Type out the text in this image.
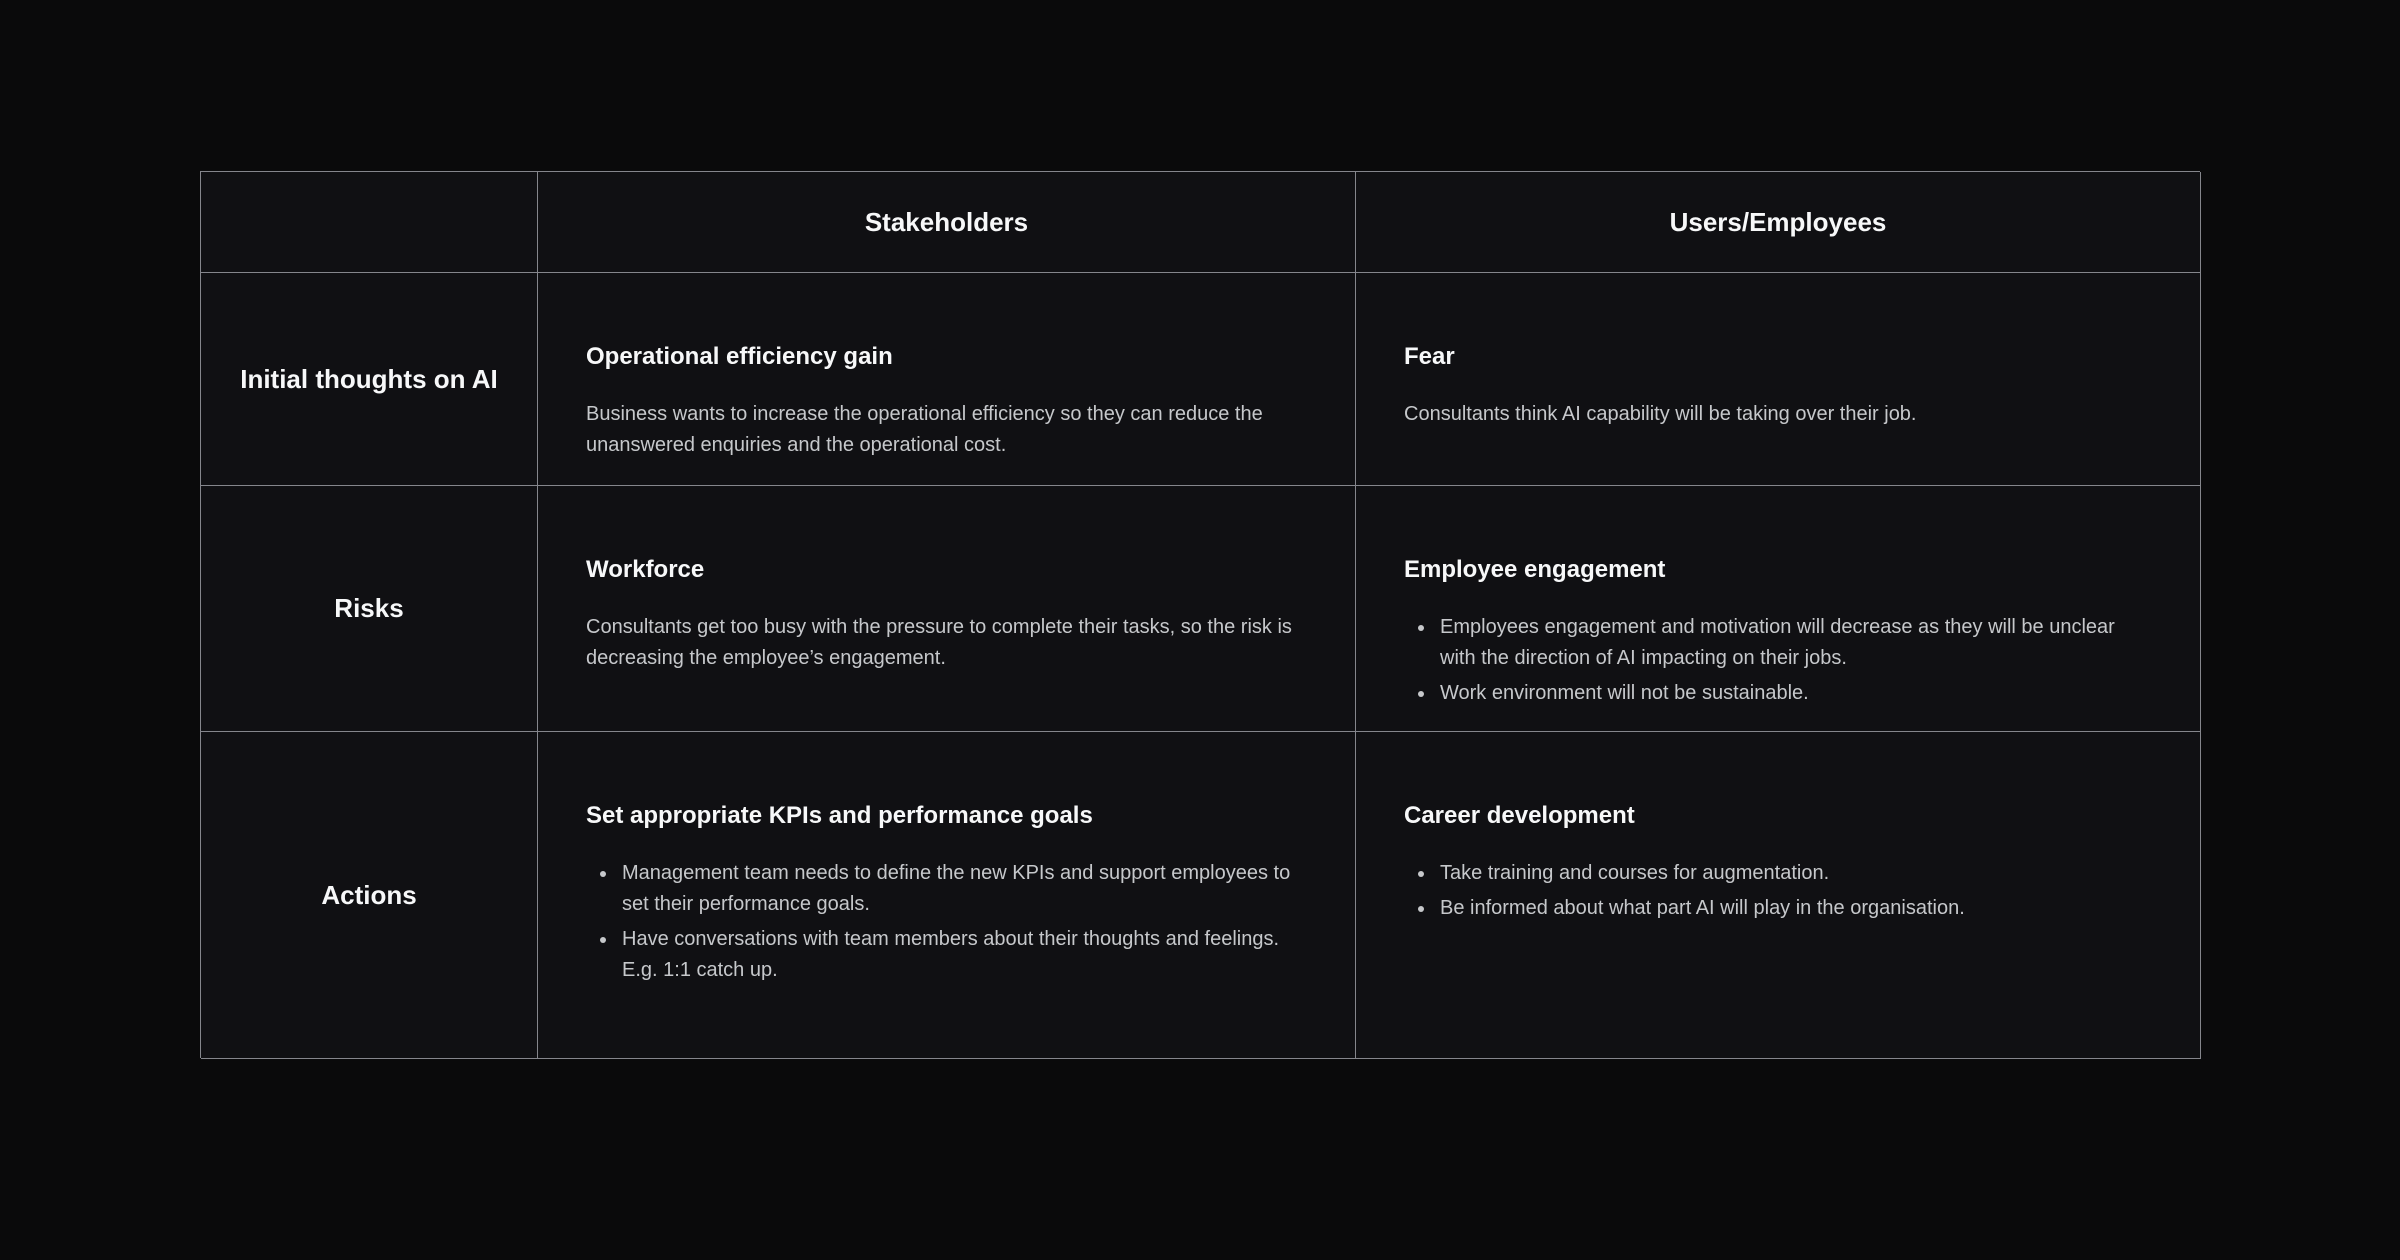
Stakeholders	Users/Employees
Initial thoughts on AI
Operational efficiency gain

Business wants to increase the operational efficiency so they can reduce the unanswered enquiries and the operational cost.

Fear

Consultants think AI capability will be taking over their job.

Risks
Workforce

Consultants get too busy with the pressure to complete their tasks, so the risk is decreasing the employee’s engagement.

Employee engagement
• Employees engagement and motivation will decrease as they will be unclear with the direction of AI impacting on their jobs.
• Work environment will not be sustainable.
Actions
Set appropriate KPIs and performance goals
• Management team needs to define the new KPIs and support employees to set their performance goals.
• Have conversations with team members about their thoughts and feelings. E.g. 1:1 catch up.
Career development
• Take training and courses for augmentation.
• Be informed about what part AI will play in the organisation.
